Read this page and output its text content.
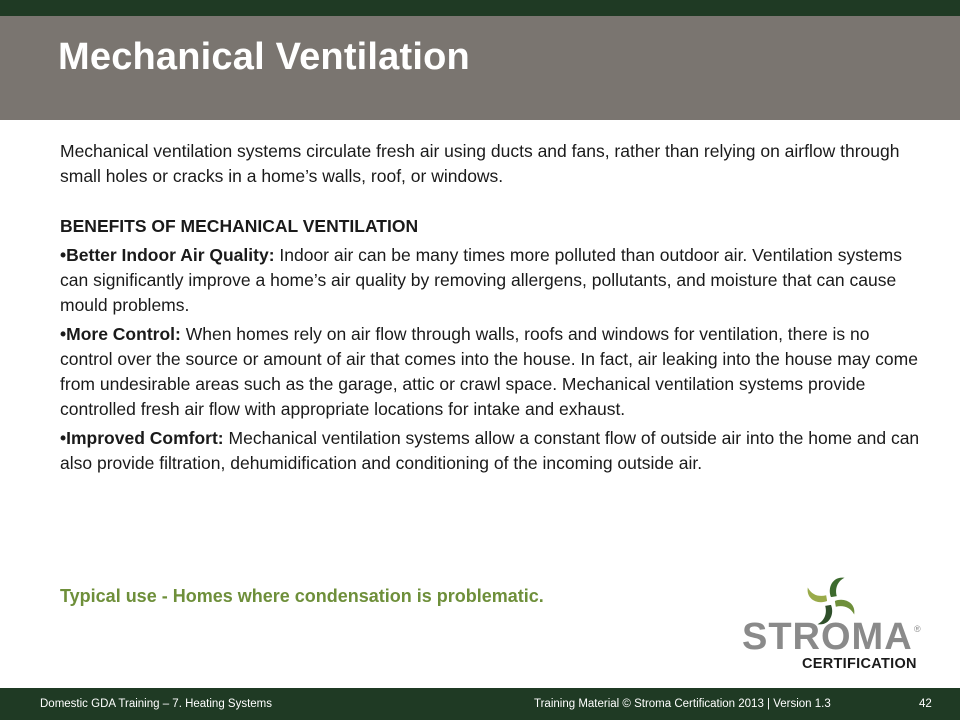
Mechanical Ventilation

Mechanical ventilation systems circulate fresh air using ducts and fans, rather than relying on airflow through small holes or cracks in a home’s walls, roof, or windows.

BENEFITS OF MECHANICAL VENTILATION

•Better Indoor Air Quality: Indoor air can be many times more polluted than outdoor air. Ventilation systems can significantly improve a home’s air quality by removing allergens, pollutants, and moisture that can cause mould problems.

•More Control: When homes rely on air flow through walls, roofs and windows for ventilation, there is no control over the source or amount of air that comes into the house. In fact, air leaking into the house may come from undesirable areas such as the garage, attic or crawl space. Mechanical ventilation systems provide controlled fresh air flow with appropriate locations for intake and exhaust.

•Improved Comfort: Mechanical ventilation systems allow a constant flow of outside air into the home and can also provide filtration, dehumidification and conditioning of the incoming outside air.

Typical use - Homes where condensation is problematic.

STROMA ®
CERTIFICATION
Domestic GDA Training – 7. Heating Systems	Training Material © Stroma Certification 2013 | Version 1.3	42
